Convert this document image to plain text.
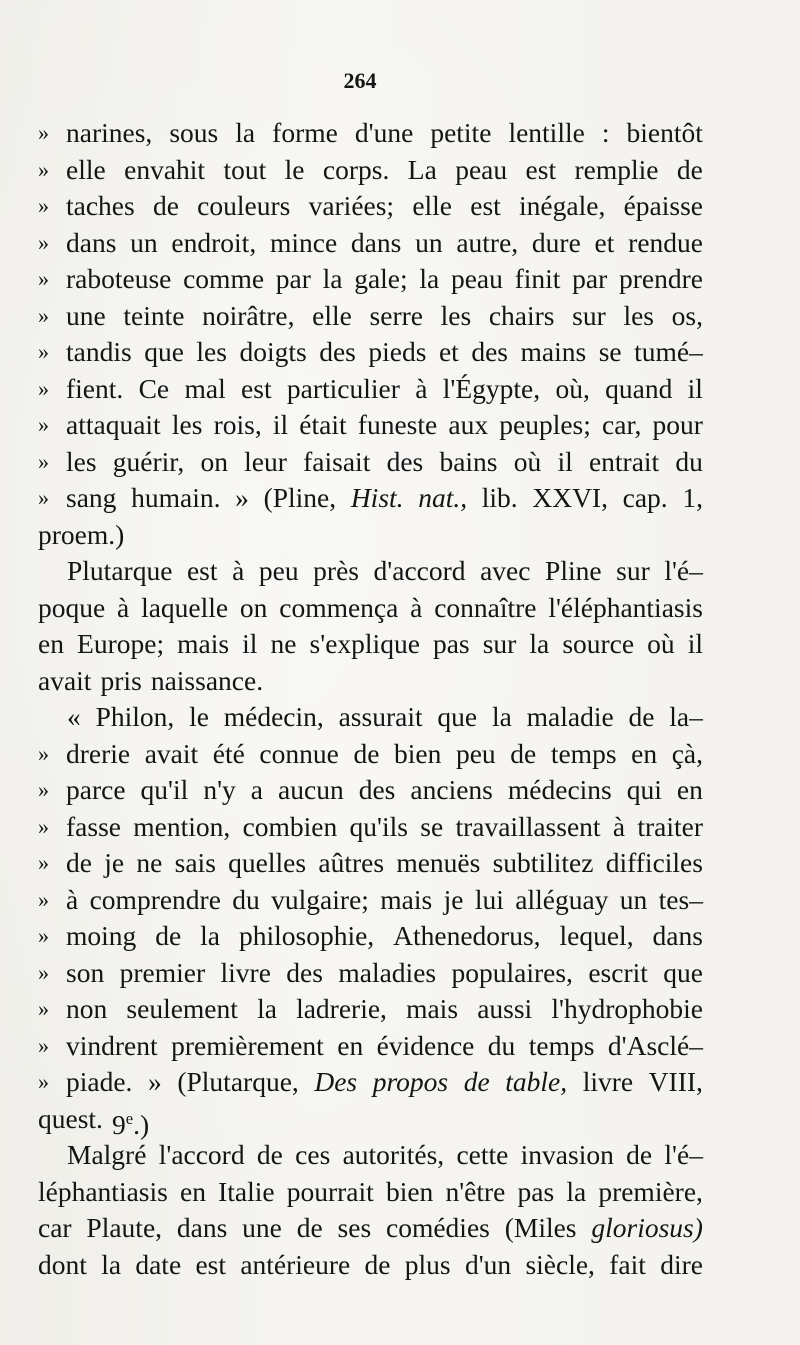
264
» narines, sous la forme d'une petite lentille : bientôt
» elle envahit tout le corps. La peau est remplie de
» taches de couleurs variées; elle est inégale, épaisse
» dans un endroit, mince dans un autre, dure et rendue
» raboteuse comme par la gale; la peau finit par prendre
» une teinte noirâtre, elle serre les chairs sur les os,
» tandis que les doigts des pieds et des mains se tumé–
» fient. Ce mal est particulier à l'Égypte, où, quand il
» attaquait les rois, il était funeste aux peuples; car, pour
» les guérir, on leur faisait des bains où il entrait du
» sang humain. » (Pline, Hist. nat., lib. XXVI, cap. 1,
proem.)
Plutarque est à peu près d'accord avec Pline sur l'é–
poque à laquelle on commença à connaître l'éléphantiasis
en Europe; mais il ne s'explique pas sur la source où il
avait pris naissance.
« Philon, le médecin, assurait que la maladie de la–
» drerie avait été connue de bien peu de temps en çà,
» parce qu'il n'y a aucun des anciens médecins qui en
» fasse mention, combien qu'ils se travaillassent à traiter
» de je ne sais quelles aûtres menuës subtilitez difficiles
» à comprendre du vulgaire; mais je lui alléguay un tes–
» moing de la philosophie, Athenedorus, lequel, dans
» son premier livre des maladies populaires, escrit que
» non seulement la ladrerie, mais aussi l'hydrophobie
» vindrent premièrement en évidence du temps d'Asclé–
» piade. » (Plutarque, Des propos de table, livre VIII,
quest. 9e.)
Malgré l'accord de ces autorités, cette invasion de l'é–
léphantiasis en Italie pourrait bien n'être pas la première,
car Plaute, dans une de ses comédies (Miles gloriosus)
dont la date est antérieure de plus d'un siècle, fait dire
